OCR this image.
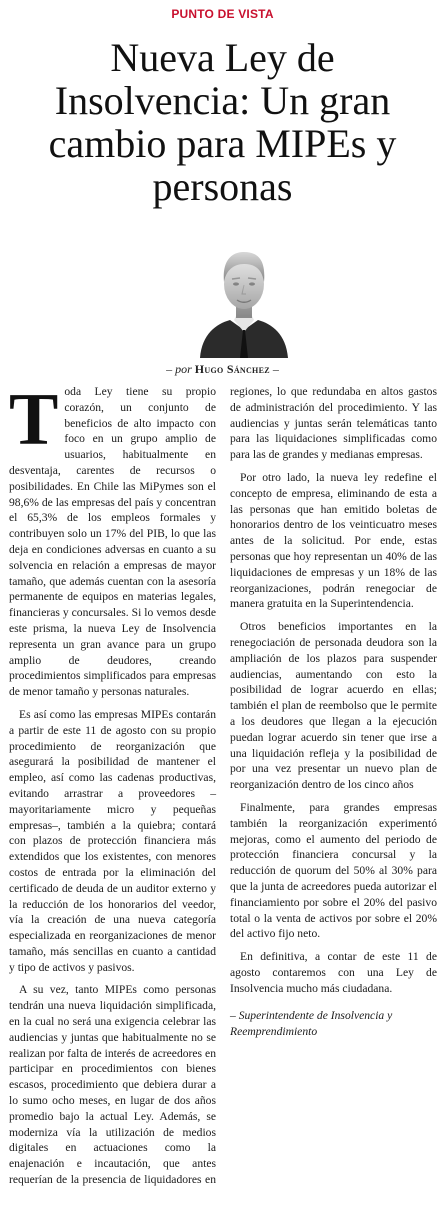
PUNTO DE VISTA
Nueva Ley de Insolvencia: Un gran cambio para MIPEs y personas
– por Hugo Sánchez –

Toda Ley tiene su propio corazón, un conjunto de beneficios de alto impacto con foco en un grupo amplio de usuarios, habitualmente en desventaja, carentes de recursos o posibilidades. En Chile las MiPymes son el 98,6% de las empresas del país y concentran el 65,3% de los empleos formales y contribuyen solo un 17% del PIB, lo que las deja en condiciones adversas en cuanto a su solvencia en relación a empresas de mayor tamaño, que además cuentan con la asesoría permanente de equipos en materias legales, financieras y concursales. Si lo vemos desde este prisma, la nueva Ley de Insolvencia representa un gran avance para un grupo amplio de deudores, creando procedimientos simplificados para empresas de menor tamaño y personas naturales.

Es así como las empresas MIPEs contarán a partir de este 11 de agosto con su propio procedimiento de reorganización que asegurará la posibilidad de mantener el empleo, así como las cadenas productivas, evitando arrastrar a proveedores –mayoritariamente micro y pequeñas empresas–, también a la quiebra; contará con plazos de protección financiera más extendidos que los existentes, con menores costos de entrada por la eliminación del certificado de deuda de un auditor externo y la reducción de los honorarios del veedor, vía la creación de una nueva categoría especializada en reorganizaciones de menor tamaño, más sencillas en cuanto a cantidad y tipo de activos y pasivos.

A su vez, tanto MIPEs como personas tendrán una nueva liquidación simplificada, en la cual no será una exigencia celebrar las audiencias y juntas que habitualmente no se realizan por falta de interés de acreedores en participar en procedimientos con bienes escasos, procedimiento que debiera durar a lo sumo ocho meses, en lugar de dos años promedio bajo la actual Ley. Además, se moderniza vía la utilización de medios digitales en actuaciones como la enajenación e incautación, que antes requerían de la presencia de liquidadores en regiones, lo que redundaba en altos gastos de administración del procedimiento. Y las audiencias y juntas serán telemáticas tanto para las liquidaciones simplificadas como para las de grandes y medianas empresas.

Por otro lado, la nueva ley redefine el concepto de empresa, eliminando de esta a las personas que han emitido boletas de honorarios dentro de los veinticuatro meses antes de la solicitud. Por ende, estas personas que hoy representan un 40% de las liquidaciones de empresas y un 18% de las reorganizaciones, podrán renegociar de manera gratuita en la Superintendencia.

Otros beneficios importantes en la renegociación de personada deudora son la ampliación de los plazos para suspender audiencias, aumentando con esto la posibilidad de lograr acuerdo en ellas; también el plan de reembolso que le permite a los deudores que llegan a la ejecución puedan lograr acuerdo sin tener que irse a una liquidación refleja y la posibilidad de por una vez presentar un nuevo plan de reorganización dentro de los cinco años

Finalmente, para grandes empresas también la reorganización experimentó mejoras, como el aumento del periodo de protección financiera concursal y la reducción de quorum del 50% al 30% para que la junta de acreedores pueda autorizar el financiamiento por sobre el 20% del pasivo total o la venta de activos por sobre el 20% del activo fijo neto.

En definitiva, a contar de este 11 de agosto contaremos con una Ley de Insolvencia mucho más ciudadana.

– Superintendente de Insolvencia y Reemprendimiento
